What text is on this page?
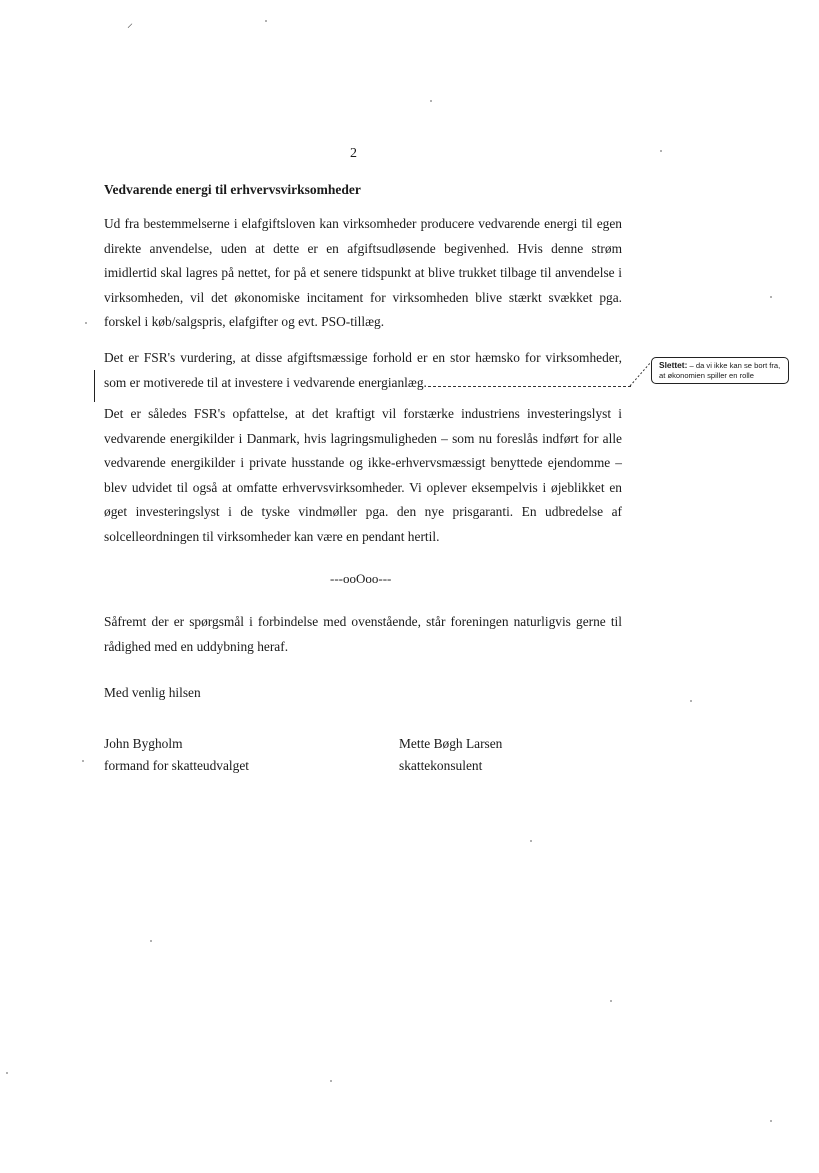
⸝
2
Vedvarende energi til erhvervsvirksomheder
Ud fra bestemmelserne i elafgiftsloven kan virksomheder producere vedvarende energi til egen direkte anvendelse, uden at dette er en afgiftsudløsende begivenhed. Hvis denne strøm imidlertid skal lagres på nettet, for på et senere tidspunkt at blive trukket tilbage til anvendelse i virksomheden, vil det økonomiske incitament for virksomheden blive stærkt svækket pga. forskel i køb/salgspris, elafgifter og evt. PSO-tillæg.
Det er FSR's vurdering, at disse afgiftsmæssige forhold er en stor hæmsko for virksomheder, som er motiverede til at investere i vedvarende energianlæg.
Slettet: – da vi ikke kan se bort fra, at økonomien spiller en rolle
Det er således FSR's opfattelse, at det kraftigt vil forstærke industriens investeringslyst i vedvarende energikilder i Danmark, hvis lagringsmuligheden – som nu foreslås indført for alle vedvarende energikilder i private husstande og ikke-erhvervsmæssigt benyttede ejendomme – blev udvidet til også at omfatte erhvervsvirksomheder. Vi oplever eksempelvis i øjeblikket en øget investeringslyst i de tyske vindmøller pga. den nye prisgaranti. En udbredelse af solcelleordningen til virksomheder kan være en pendant hertil.
---ooOoo---
Såfremt der er spørgsmål i forbindelse med ovenstående, står foreningen naturligvis gerne til rådighed med en uddybning heraf.
Med venlig hilsen
John Bygholm
formand for skatteudvalget
Mette Bøgh Larsen
skattekonsulent
